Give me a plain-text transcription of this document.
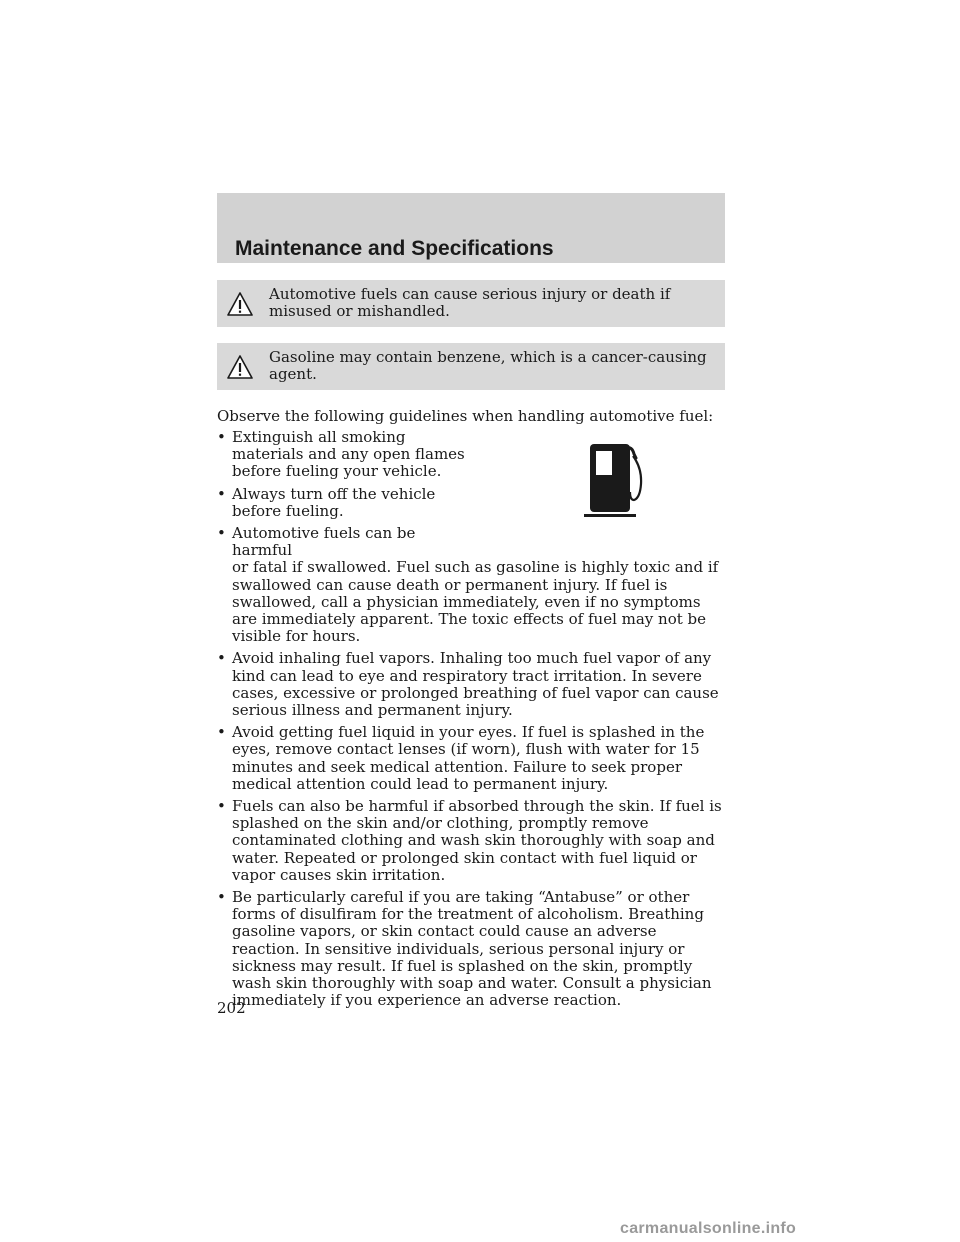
Maintenance and Specifications
Automotive fuels can cause serious injury or death if misused or mishandled.
Gasoline may contain benzene, which is a cancer-causing agent.
Observe the following guidelines when handling automotive fuel:
• Extinguish all smoking materials and any open flames before fueling your vehicle.
• Always turn off the vehicle before fueling.
• Automotive fuels can be harmful
or fatal if swallowed. Fuel such as gasoline is highly toxic and if swallowed can cause death or permanent injury. If fuel is swallowed, call a physician immediately, even if no symptoms are immediately apparent. The toxic effects of fuel may not be visible for hours.
• Avoid inhaling fuel vapors. Inhaling too much fuel vapor of any kind can lead to eye and respiratory tract irritation. In severe cases, excessive or prolonged breathing of fuel vapor can cause serious illness and permanent injury.
• Avoid getting fuel liquid in your eyes. If fuel is splashed in the eyes, remove contact lenses (if worn), flush with water for 15 minutes and seek medical attention. Failure to seek proper medical attention could lead to permanent injury.
• Fuels can also be harmful if absorbed through the skin. If fuel is splashed on the skin and/or clothing, promptly remove contaminated clothing and wash skin thoroughly with soap and water. Repeated or prolonged skin contact with fuel liquid or vapor causes skin irritation.
• Be particularly careful if you are taking “Antabuse” or other forms of disulfiram for the treatment of alcoholism. Breathing gasoline vapors, or skin contact could cause an adverse reaction. In sensitive individuals, serious personal injury or sickness may result. If fuel is splashed on the skin, promptly wash skin thoroughly with soap and water. Consult a physician immediately if you experience an adverse reaction.
202
carmanualsonline.info
